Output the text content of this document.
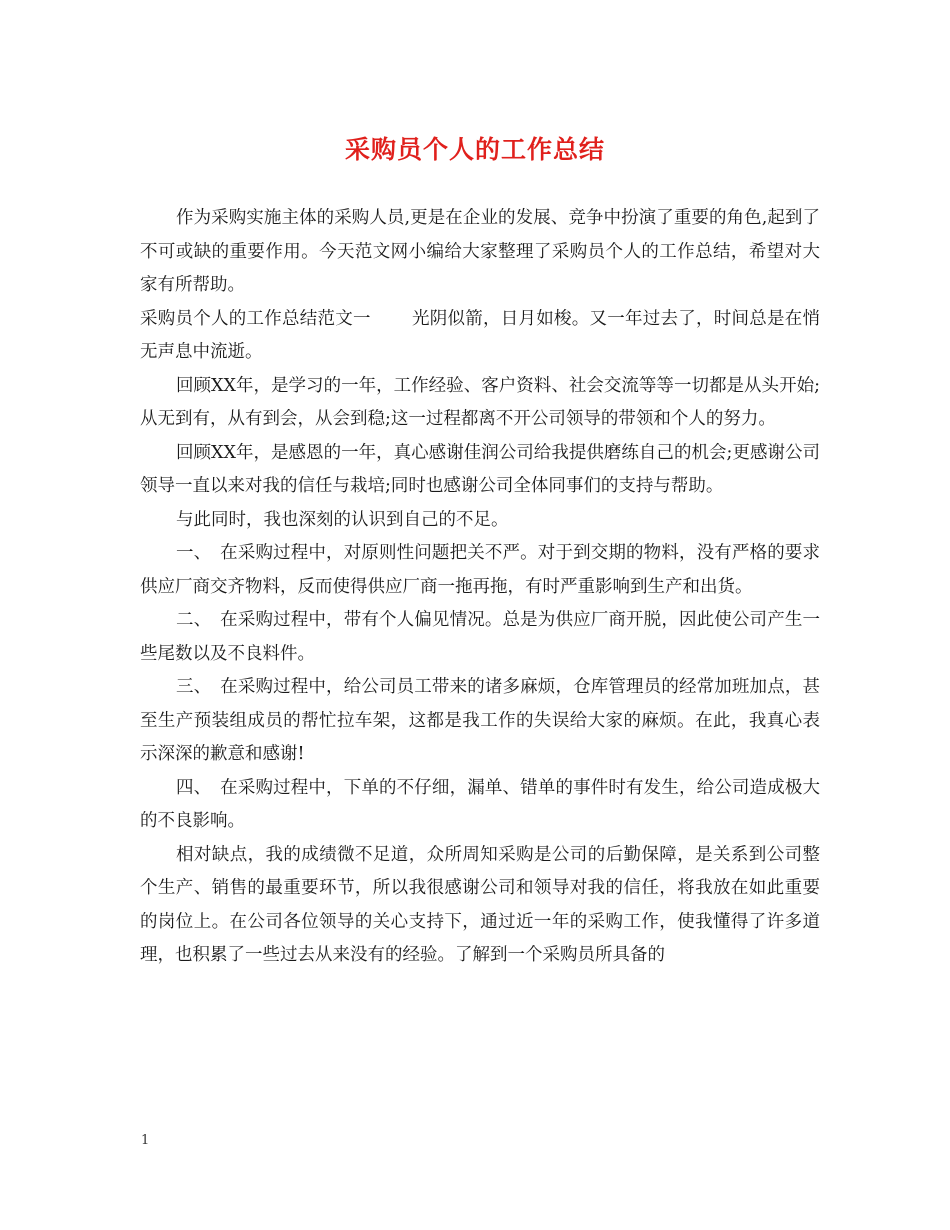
采购员个人的工作总结

作为采购实施主体的采购人员,更是在企业的发展、竞争中扮演了重要的角色,起到了不可或缺的重要作用。今天范文网小编给大家整理了采购员个人的工作总结，希望对大家有所帮助。

采购员个人的工作总结范文一　　 光阴似箭，日月如梭。又一年过去了，时间总是在悄无声息中流逝。

回顾XX年，是学习的一年，工作经验、客户资料、社会交流等等一切都是从头开始;从无到有，从有到会，从会到稳;这一过程都离不开公司领导的带领和个人的努力。

回顾XX年，是感恩的一年，真心感谢佳润公司给我提供磨练自己的机会;更感谢公司领导一直以来对我的信任与栽培;同时也感谢公司全体同事们的支持与帮助。

与此同时，我也深刻的认识到自己的不足。

一、　在采购过程中，对原则性问题把关不严。对于到交期的物料，没有严格的要求供应厂商交齐物料，反而使得供应厂商一拖再拖，有时严重影响到生产和出货。

二、　在采购过程中，带有个人偏见情况。总是为供应厂商开脱，因此使公司产生一些尾数以及不良料件。

三、　在采购过程中，给公司员工带来的诸多麻烦，仓库管理员的经常加班加点，甚至生产预装组成员的帮忙拉车架，这都是我工作的失误给大家的麻烦。在此，我真心表示深深的歉意和感谢!

四、　在采购过程中，下单的不仔细，漏单、错单的事件时有发生，给公司造成极大的不良影响。

相对缺点，我的成绩微不足道，众所周知采购是公司的后勤保障，是关系到公司整个生产、销售的最重要环节，所以我很感谢公司和领导对我的信任，将我放在如此重要的岗位上。在公司各位领导的关心支持下，通过近一年的采购工作，使我懂得了许多道理，也积累了一些过去从来没有的经验。了解到一个采购员所具备的

1
